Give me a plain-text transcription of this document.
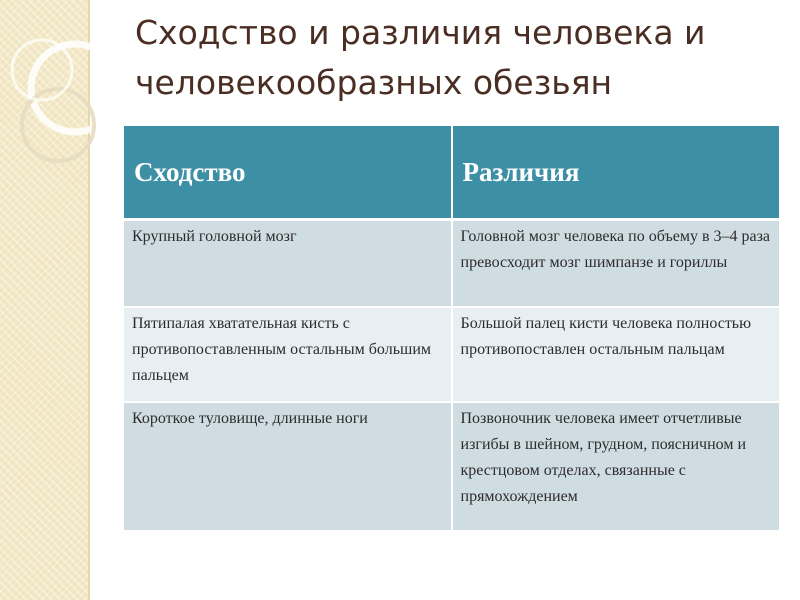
Сходство и различия человека и
человекообразных обезьян
Сходство	Различия
Крупный головной мозг	Головной мозг человека по объему в 3–4 раза превосходит мозг шимпанзе и гориллы
Пятипалая хватательная кисть с противопоставленным остальным большим пальцем	Большой палец кисти человека полностью противопоставлен остальным пальцам
Короткое туловище, длинные ноги	Позвоночник человека имеет отчетливые изгибы в шейном, грудном, поясничном и крестцовом отделах, связанные с прямохождением
